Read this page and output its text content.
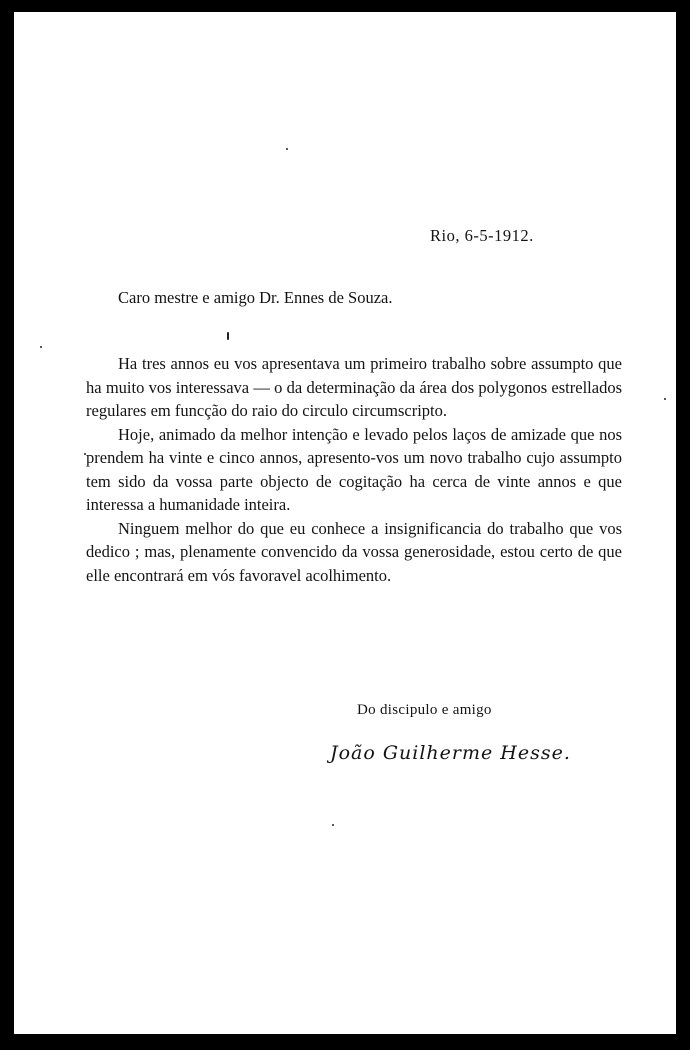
Rio, 6-5-1912.
Caro mestre e amigo Dr. Ennes de Souza.

Ha tres annos eu vos apresentava um primeiro trabalho sobre assumpto que ha muito vos interessava — o da determinação da área dos polygonos estrellados regulares em funcção do raio do circulo circumscripto.

Hoje, animado da melhor intenção e levado pelos laços de amizade que nos prendem ha vinte e cinco annos, apresento-vos um novo trabalho cujo assumpto tem sido da vossa parte objecto de cogitação ha cerca de vinte annos e que interessa a humanidade inteira.

Ninguem melhor do que eu conhece a insignificancia do trabalho que vos dedico ; mas, plenamente convencido da vossa generosidade, estou certo de que elle encontrará em vós favoravel acolhimento.

Do discipulo e amigo
João Guilherme Hesse.
